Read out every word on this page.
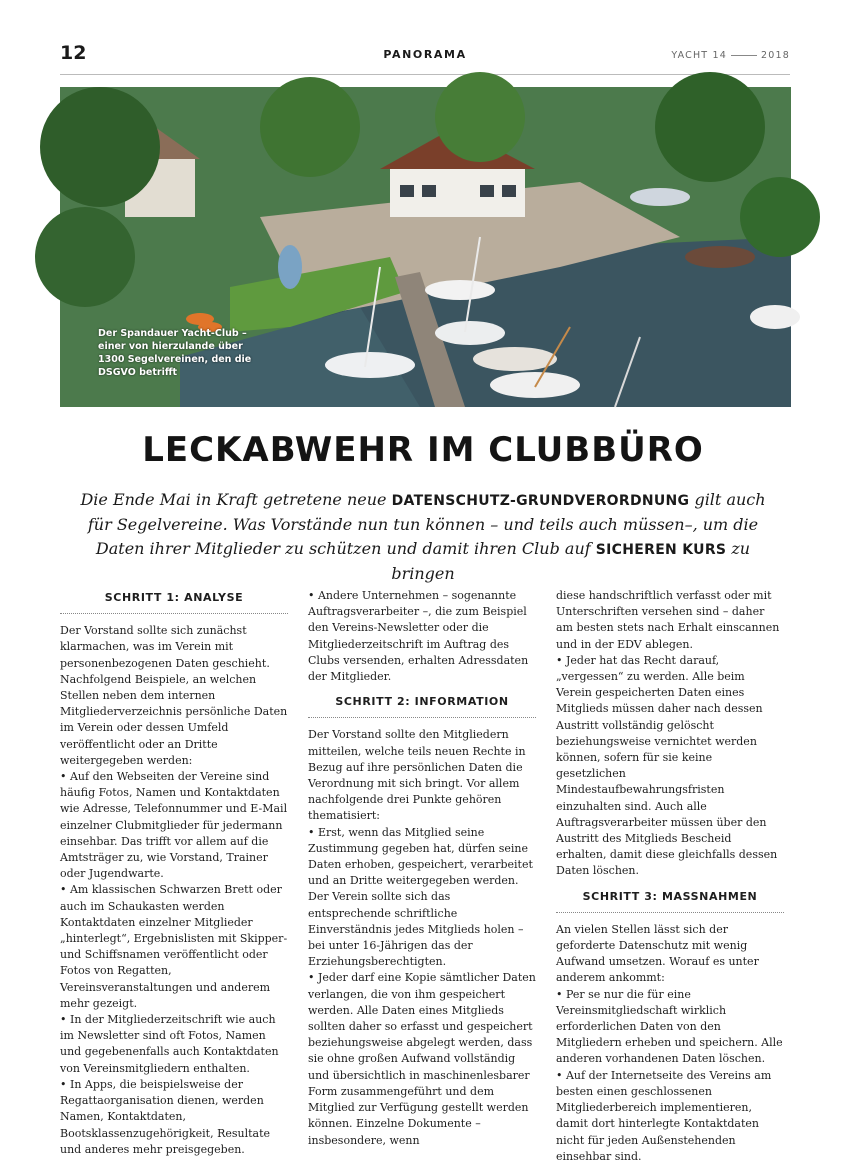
12	PANORAMA	YACHT 14	2018
Der Spandauer Yacht-Club – einer von hierzulande über 1300 Segelvereinen, den die DSGVO betrifft
LECKABWEHR IM CLUBBÜRO

Die Ende Mai in Kraft getretene neue DATENSCHUTZ-GRUNDVERORDNUNG gilt auch für Segelvereine. Was Vorstände nun tun können – und teils auch müssen–, um die Daten ihrer Mitglieder zu schützen und damit ihren Club auf SICHEREN KURS zu bringen

SCHRITT 1: ANALYSE

Der Vorstand sollte sich zunächst klarmachen, was im Verein mit personenbezogenen Daten geschieht. Nachfolgend Beispiele, an welchen Stellen neben dem internen Mitgliederverzeichnis persönliche Daten im Verein oder dessen Umfeld veröffentlicht oder an Dritte weitergegeben werden:

• Auf den Webseiten der Vereine sind häufig Fotos, Namen und Kontaktdaten wie Adresse, Telefonnummer und E-Mail einzelner Clubmitglieder für jedermann einsehbar. Das trifft vor allem auf die Amtsträger zu, wie Vorstand, Trainer oder Jugendwarte.

• Am klassischen Schwarzen Brett oder auch im Schaukasten werden Kontaktdaten einzelner Mitglieder „hinterlegt“, Ergebnislisten mit Skipper- und Schiffsnamen veröffentlicht oder Fotos von Regatten, Vereinsveranstaltungen und anderem mehr gezeigt.

• In der Mitgliederzeitschrift wie auch im Newsletter sind oft Fotos, Namen und gegebenenfalls auch Kontaktdaten von Vereinsmitgliedern enthalten.

• In Apps, die beispielsweise der Regattaorganisation dienen, werden Namen, Kontaktdaten, Bootsklassenzugehörigkeit, Resultate und anderes mehr preisgegeben.

• Andere Unternehmen – sogenannte Auftragsverarbeiter –, die zum Beispiel den Vereins-Newsletter oder die Mitgliederzeitschrift im Auftrag des Clubs versenden, erhalten Adressdaten der Mitglieder.

SCHRITT 2: INFORMATION

Der Vorstand sollte den Mitgliedern mitteilen, welche teils neuen Rechte in Bezug auf ihre persönlichen Daten die Verordnung mit sich bringt. Vor allem nachfolgende drei Punkte gehören thematisiert:

• Erst, wenn das Mitglied seine Zustimmung gegeben hat, dürfen seine Daten erhoben, gespeichert, verarbeitet und an Dritte weitergegeben werden. Der Verein sollte sich das entsprechende schriftliche Einverständnis jedes Mitglieds holen – bei unter 16-Jährigen das der Erziehungsberechtigten.

• Jeder darf eine Kopie sämtlicher Daten verlangen, die von ihm gespeichert werden. Alle Daten eines Mitglieds sollten daher so erfasst und gespeichert beziehungsweise abgelegt werden, dass sie ohne großen Aufwand vollständig und übersichtlich in maschinenlesbarer Form zusammengeführt und dem Mitglied zur Verfügung gestellt werden können. Einzelne Dokumente – insbesondere, wenn

diese handschriftlich verfasst oder mit Unterschriften versehen sind – daher am besten stets nach Erhalt einscannen und in der EDV ablegen.

• Jeder hat das Recht darauf, „vergessen“ zu werden. Alle beim Verein gespeicherten Daten eines Mitglieds müssen daher nach dessen Austritt vollständig gelöscht beziehungsweise vernichtet werden können, sofern für sie keine gesetzlichen Mindestaufbewahrungsfristen einzuhalten sind. Auch alle Auftragsverarbeiter müssen über den Austritt des Mitglieds Bescheid erhalten, damit diese gleichfalls dessen Daten löschen.

SCHRITT 3: MASSNAHMEN

An vielen Stellen lässt sich der geforderte Datenschutz mit wenig Aufwand umsetzen. Worauf es unter anderem ankommt:

• Per se nur die für eine Vereinsmitgliedschaft wirklich erforderlichen Daten von den Mitgliedern erheben und speichern. Alle anderen vorhandenen Daten löschen.

• Auf der Internetseite des Vereins am besten einen geschlossenen Mitgliederbereich implementieren, damit dort hinterlegte Kontaktdaten nicht für jeden Außenstehenden einsehbar sind.
